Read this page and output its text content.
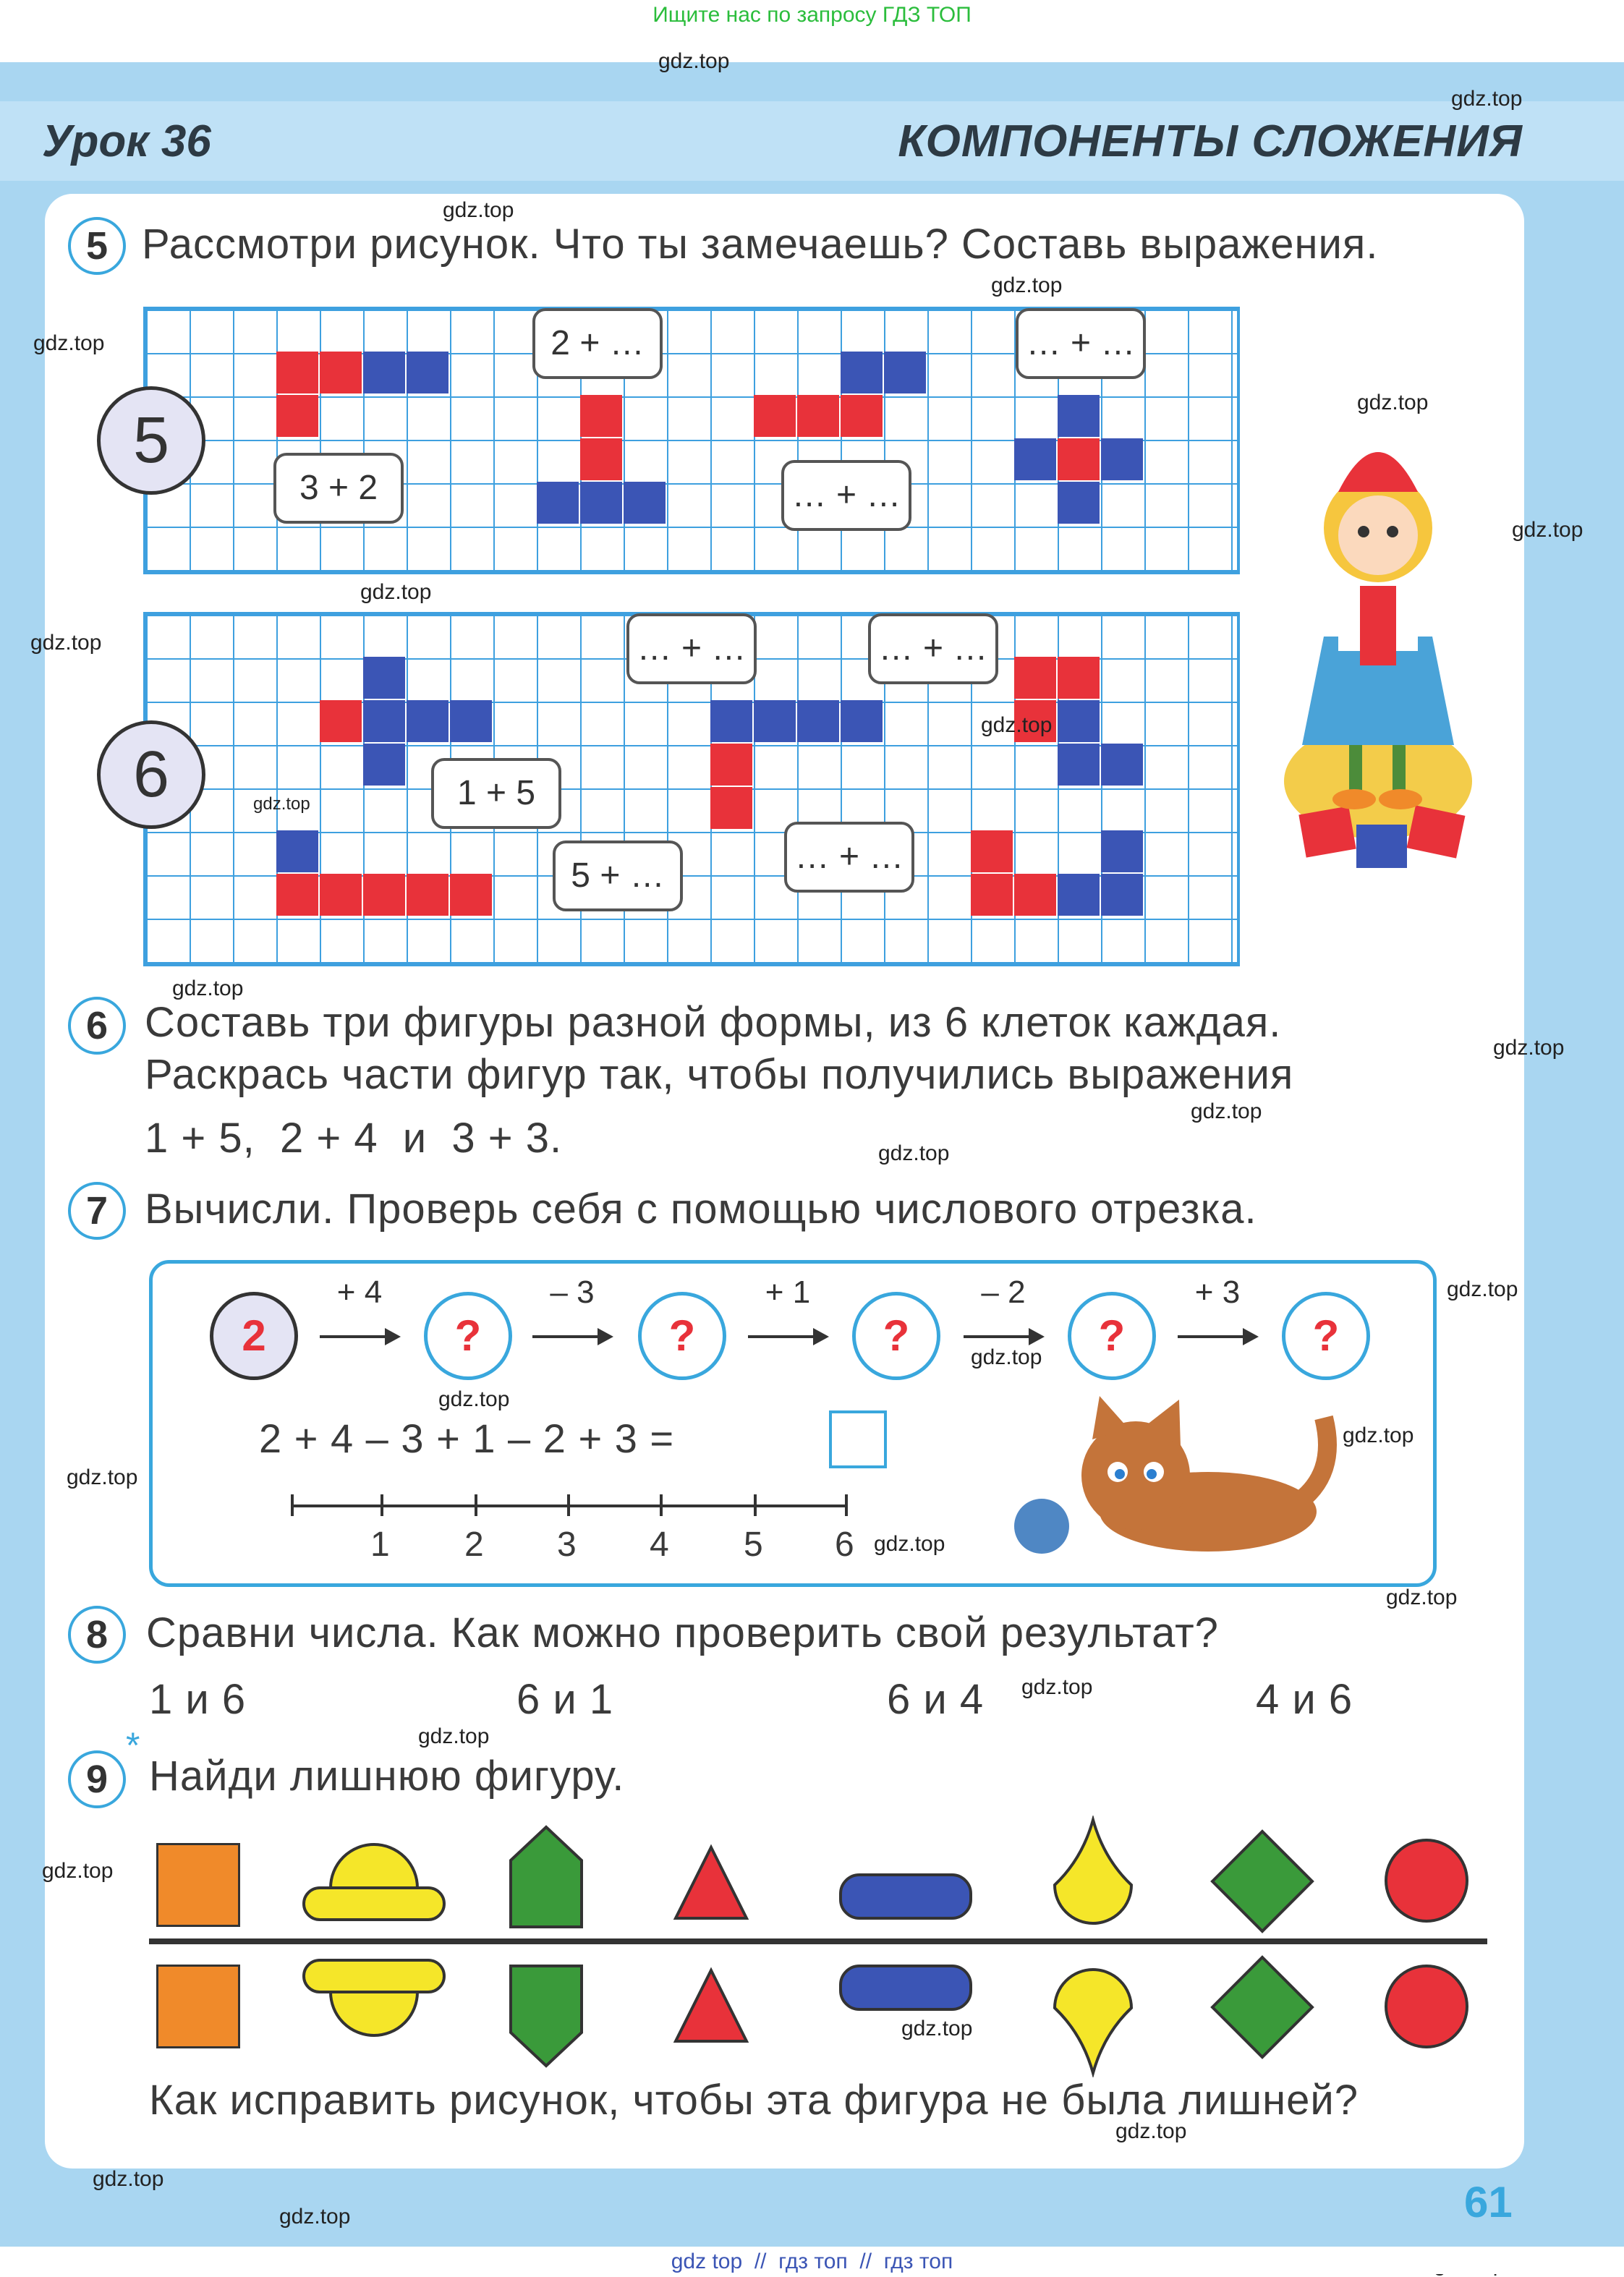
Ищите нас по запросу ГДЗ ТОП
Урок 36	КОМПОНЕНТЫ СЛОЖЕНИЯ
5 Рассмотри рисунок. Что ты замечаешь? Составь выражения.
5
3 + 2
2 + …
… + …
… + …
6	1 + 5
5 + …
… + …	… + …
… + …
6 Составь три фигуры разной формы, из 6 клеток каждая.
Раскрась части фигур так, чтобы получились выражения
1 + 5,  2 + 4  и  3 + 3.
7 Вычисли. Проверь себя с помощью числового отрезка.
2
+ 4
?
– 3
?
+ 1
?
– 2
?
+ 3
?
2 + 4 – 3 + 1 – 2 + 3 =
1 2 3 4 5 6
8 Сравни числа. Как можно проверить свой результат?
1 и 6	6 и 1	6 и 4	4 и 6
9
*
Найди лишнюю фигуру.
Как исправить рисунок, чтобы эта фигура не была лишней?
61
gdz.top
gdz.top
gdz.top
gdz.top
gdz.top
gdz.top
gdz.top
gdz.top
gdz.top
gdz.top
gdz.top
gdz.top
gdz.top
gdz.top
gdz.top
gdz.top
gdz.top
gdz.top
gdz.top
gdz.top
gdz.top
gdz.top
gdz.top
gdz.top
gdz.top
gdz.top
gdz.top
gdz.top
gdz.top
gdz top  //  гдз топ  //  гдз топ
